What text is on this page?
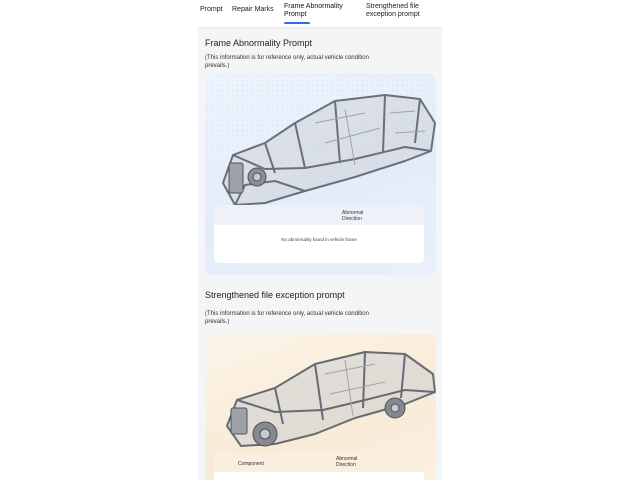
Prompt Repair Marks Frame Abnormality Prompt
Strengthened file exception prompt
Frame Abnormality Prompt
(This information is for reference only, actual vehicle condition prevails.)
Abnormal Direction
No abnormality found in vehicle frame
Strengthened file exception prompt
(This information is for reference only, actual vehicle condition prevails.)
Component
Abnormal Direction
